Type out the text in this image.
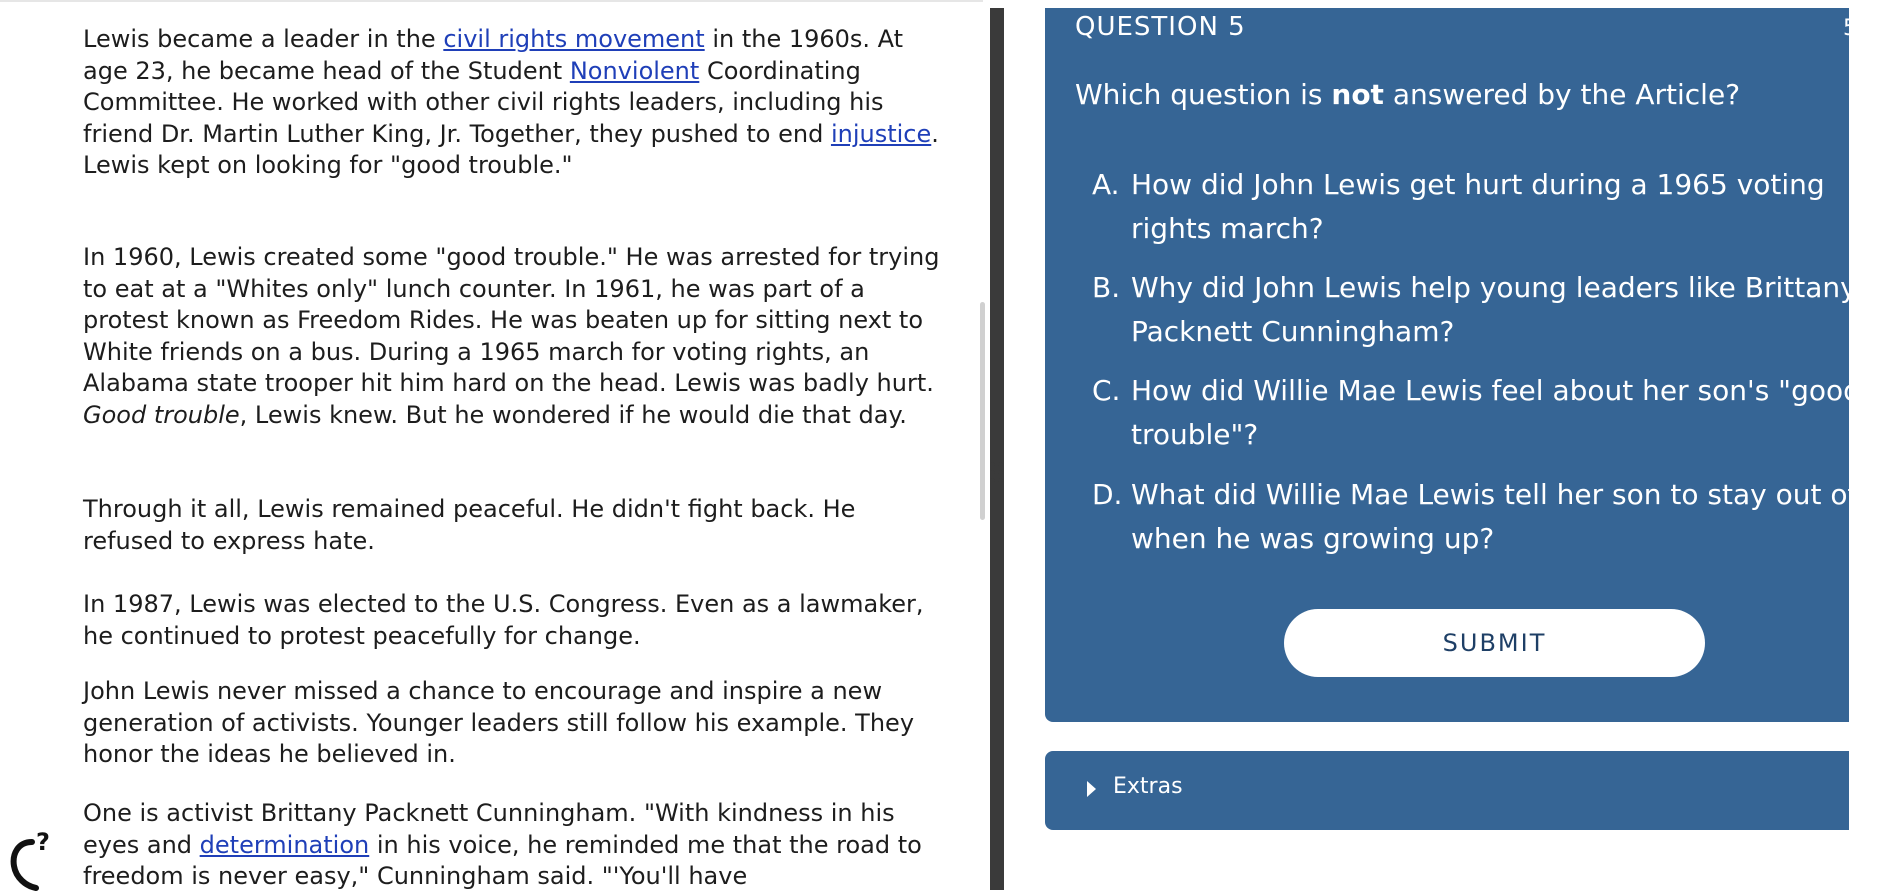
Lewis became a leader in the civil rights movement in the 1960s. At age 23, he became head of the Student Nonviolent Coordinating Committee. He worked with other civil rights leaders, including his friend Dr. Martin Luther King, Jr. Together, they pushed to end injustice. Lewis kept on looking for "good trouble."

In 1960, Lewis created some "good trouble." He was arrested for trying to eat at a "Whites only" lunch counter. In 1961, he was part of a protest known as Freedom Rides. He was beaten up for sitting next to White friends on a bus. During a 1965 march for voting rights, an Alabama state trooper hit him hard on the head. Lewis was badly hurt. Good trouble, Lewis knew. But he wondered if he would die that day.

Through it all, Lewis remained peaceful. He didn't fight back. He refused to express hate.

In 1987, Lewis was elected to the U.S. Congress. Even as a lawmaker, he continued to protest peacefully for change.

John Lewis never missed a chance to encourage and inspire a new generation of activists. Younger leaders still follow his example. They honor the ideas he believed in.

One is activist Brittany Packnett Cunningham. "With kindness in his eyes and determination in his voice, he reminded me that the road to freedom is never easy," Cunningham said. "'You'll have

?

QUESTION 5	5

Which question is not answered by the Article?

A. How did John Lewis get hurt during a 1965 voting rights march?
B. Why did John Lewis help young leaders like Brittany Packnett Cunningham?
C. How did Willie Mae Lewis feel about her son's "good trouble"?
D. What did Willie Mae Lewis tell her son to stay out of when he was growing up?
SUBMIT
Extras
